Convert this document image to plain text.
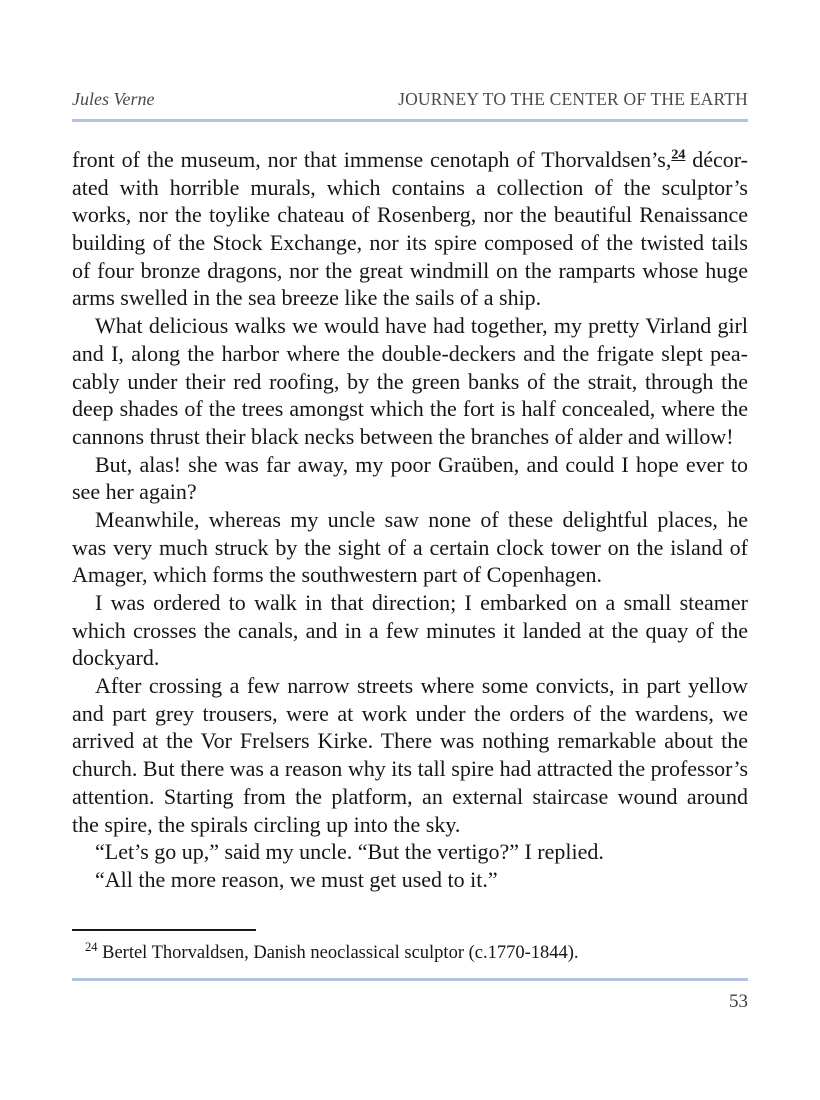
Jules Verne	JOURNEY TO THE CENTER OF THE EARTH
front of the museum, nor that immense cenotaph of Thorvaldsen’s,$^{24}$ décor-
ated with horrible murals, which contains a collection of the sculptor’s
works, nor the toylike chateau of Rosenberg, nor the beautiful Renaissance
building of the Stock Exchange, nor its spire composed of the twisted tails
of four bronze dragons, nor the great windmill on the ramparts whose huge
arms swelled in the sea breeze like the sails of a ship.
What delicious walks we would have had together, my pretty Virland girl
and I, along the harbor where the double-deckers and the frigate slept pea-
cably under their red roofing, by the green banks of the strait, through the
deep shades of the trees amongst which the fort is half concealed, where the
cannons thrust their black necks between the branches of alder and willow!
But, alas! she was far away, my poor Graüben, and could I hope ever to
see her again?
Meanwhile, whereas my uncle saw none of these delightful places, he
was very much struck by the sight of a certain clock tower on the island of
Amager, which forms the southwestern part of Copenhagen.
I was ordered to walk in that direction; I embarked on a small steamer
which crosses the canals, and in a few minutes it landed at the quay of the
dockyard.
After crossing a few narrow streets where some convicts, in part yellow
and part grey trousers, were at work under the orders of the wardens, we
arrived at the Vor Frelsers Kirke. There was nothing remarkable about the
church. But there was a reason why its tall spire had attracted the professor’s
attention. Starting from the platform, an external staircase wound around
the spire, the spirals circling up into the sky.
“Let’s go up,” said my uncle. “But the vertigo?” I replied.
“All the more reason, we must get used to it.”
$^{24}$ Bertel Thorvaldsen, Danish neoclassical sculptor (c.1770-1844).
53
